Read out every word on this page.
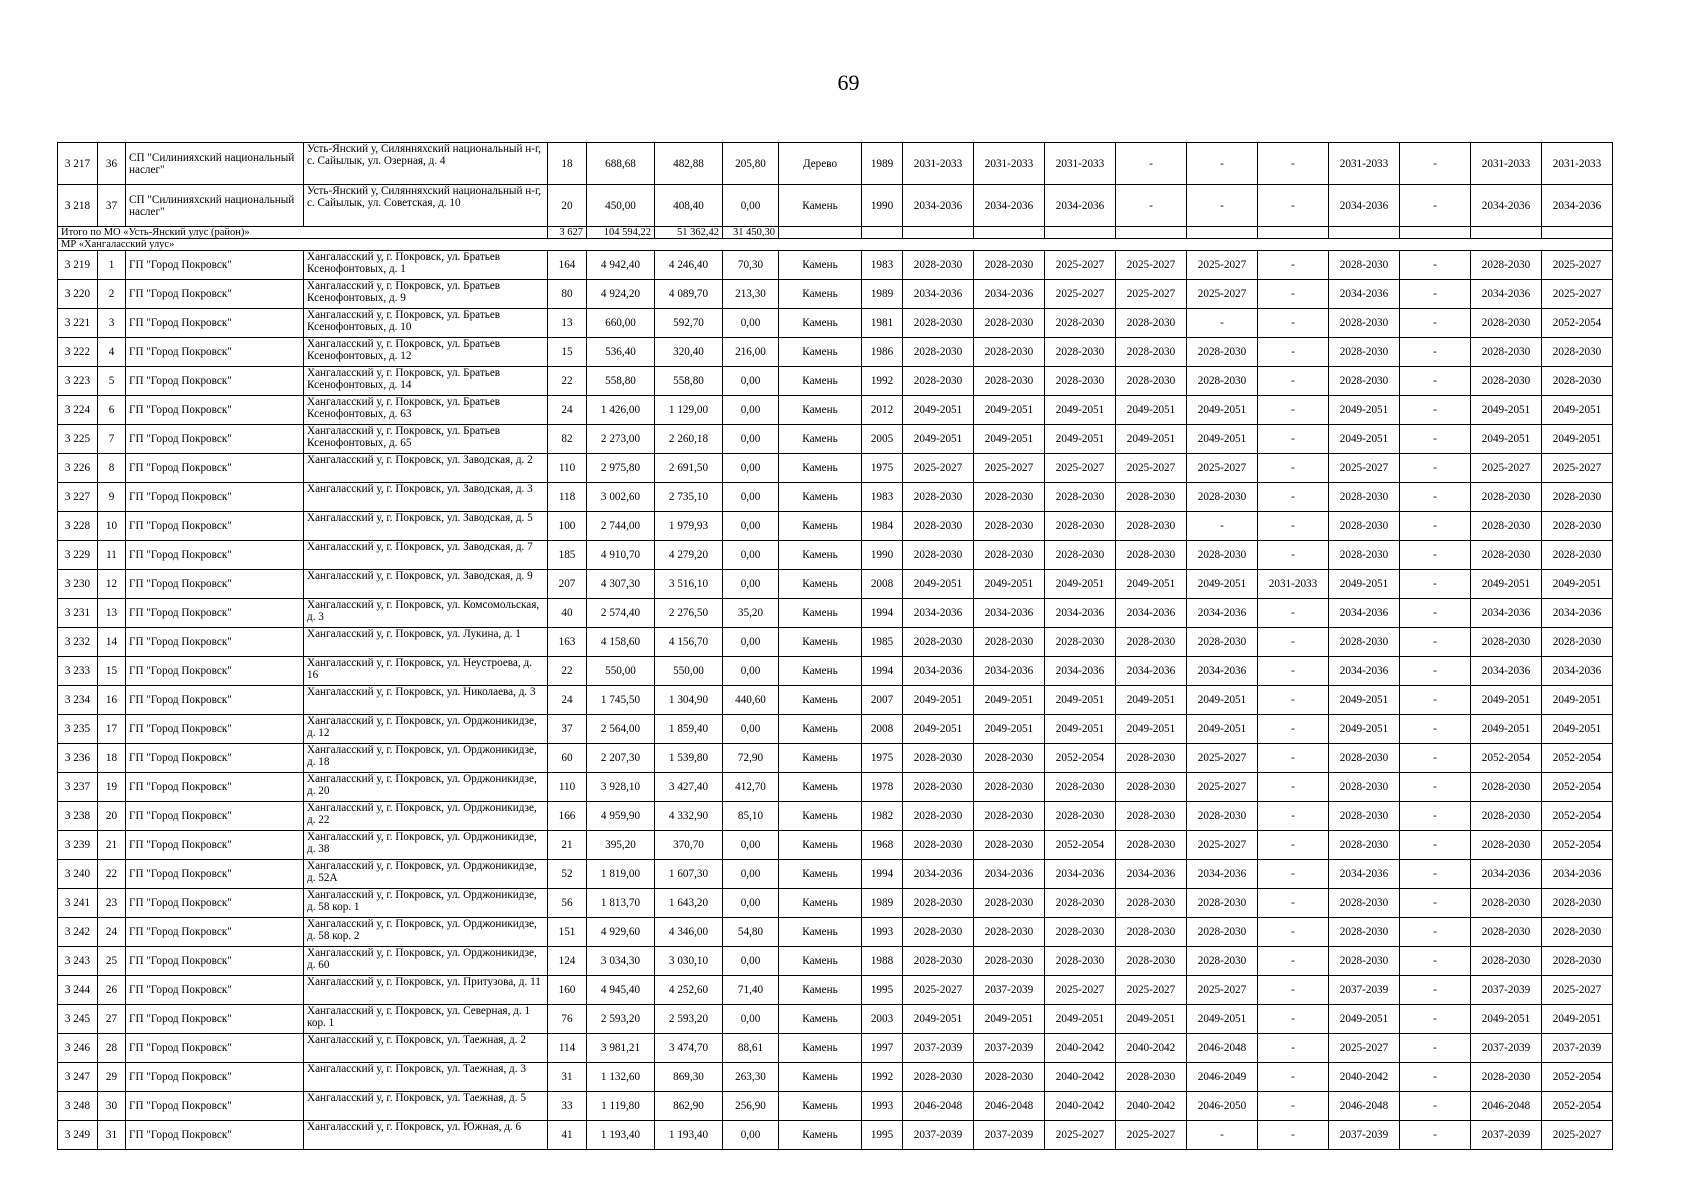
69
3 217	36	СП "Силинияхский национальный наслег"	Усть-Янский у, Силянняхский национальный н-г, с. Сайылык, ул. Озерная, д. 4	18	688,68	482,88	205,80	Дерево	1989	2031-2033	2031-2033	2031-2033	-	-	-	2031-2033	-	2031-2033	2031-2033
3 218	37	СП "Силинияхский национальный наслег"	Усть-Янский у, Силянняхский национальный н-г, с. Сайылык, ул. Советская, д. 10	20	450,00	408,40	0,00	Камень	1990	2034-2036	2034-2036	2034-2036	-	-	-	2034-2036	-	2034-2036	2034-2036
Итого по МО «Усть-Янский улус (район)»				3 627	104 594,22	51 362,42	31 450,30												
МР «Хангаласский улус»																			
3 219	1	ГП "Город Покровск"	Хангаласский у, г. Покровск, ул. Братьев Ксенофонтовых, д. 1	164	4 942,40	4 246,40	70,30	Камень	1983	2028-2030	2028-2030	2025-2027	2025-2027	2025-2027	-	2028-2030	-	2028-2030	2025-2027
3 220	2	ГП "Город Покровск"	Хангаласский у, г. Покровск, ул. Братьев Ксенофонтовых, д. 9	80	4 924,20	4 089,70	213,30	Камень	1989	2034-2036	2034-2036	2025-2027	2025-2027	2025-2027	-	2034-2036	-	2034-2036	2025-2027
3 221	3	ГП "Город Покровск"	Хангаласский у, г. Покровск, ул. Братьев Ксенофонтовых, д. 10	13	660,00	592,70	0,00	Камень	1981	2028-2030	2028-2030	2028-2030	2028-2030	-	-	2028-2030	-	2028-2030	2052-2054
3 222	4	ГП "Город Покровск"	Хангаласский у, г. Покровск, ул. Братьев Ксенофонтовых, д. 12	15	536,40	320,40	216,00	Камень	1986	2028-2030	2028-2030	2028-2030	2028-2030	2028-2030	-	2028-2030	-	2028-2030	2028-2030
3 223	5	ГП "Город Покровск"	Хангаласский у, г. Покровск, ул. Братьев Ксенофонтовых, д. 14	22	558,80	558,80	0,00	Камень	1992	2028-2030	2028-2030	2028-2030	2028-2030	2028-2030	-	2028-2030	-	2028-2030	2028-2030
3 224	6	ГП "Город Покровск"	Хангаласский у, г. Покровск, ул. Братьев Ксенофонтовых, д. 63	24	1 426,00	1 129,00	0,00	Камень	2012	2049-2051	2049-2051	2049-2051	2049-2051	2049-2051	-	2049-2051	-	2049-2051	2049-2051
3 225	7	ГП "Город Покровск"	Хангаласский у, г. Покровск, ул. Братьев Ксенофонтовых, д. 65	82	2 273,00	2 260,18	0,00	Камень	2005	2049-2051	2049-2051	2049-2051	2049-2051	2049-2051	-	2049-2051	-	2049-2051	2049-2051
3 226	8	ГП "Город Покровск"	Хангаласский у, г. Покровск, ул. Заводская, д. 2	110	2 975,80	2 691,50	0,00	Камень	1975	2025-2027	2025-2027	2025-2027	2025-2027	2025-2027	-	2025-2027	-	2025-2027	2025-2027
3 227	9	ГП "Город Покровск"	Хангаласский у, г. Покровск, ул. Заводская, д. 3	118	3 002,60	2 735,10	0,00	Камень	1983	2028-2030	2028-2030	2028-2030	2028-2030	2028-2030	-	2028-2030	-	2028-2030	2028-2030
3 228	10	ГП "Город Покровск"	Хангаласский у, г. Покровск, ул. Заводская, д. 5	100	2 744,00	1 979,93	0,00	Камень	1984	2028-2030	2028-2030	2028-2030	2028-2030	-	-	2028-2030	-	2028-2030	2028-2030
3 229	11	ГП "Город Покровск"	Хангаласский у, г. Покровск, ул. Заводская, д. 7	185	4 910,70	4 279,20	0,00	Камень	1990	2028-2030	2028-2030	2028-2030	2028-2030	2028-2030	-	2028-2030	-	2028-2030	2028-2030
3 230	12	ГП "Город Покровск"	Хангаласский у, г. Покровск, ул. Заводская, д. 9	207	4 307,30	3 516,10	0,00	Камень	2008	2049-2051	2049-2051	2049-2051	2049-2051	2049-2051	2031-2033	2049-2051	-	2049-2051	2049-2051
3 231	13	ГП "Город Покровск"	Хангаласский у, г. Покровск, ул. Комсомольская, д. 3	40	2 574,40	2 276,50	35,20	Камень	1994	2034-2036	2034-2036	2034-2036	2034-2036	2034-2036	-	2034-2036	-	2034-2036	2034-2036
3 232	14	ГП "Город Покровск"	Хангаласский у, г. Покровск, ул. Лукина, д. 1	163	4 158,60	4 156,70	0,00	Камень	1985	2028-2030	2028-2030	2028-2030	2028-2030	2028-2030	-	2028-2030	-	2028-2030	2028-2030
3 233	15	ГП "Город Покровск"	Хангаласский у, г. Покровск, ул. Неустроева, д. 16	22	550,00	550,00	0,00	Камень	1994	2034-2036	2034-2036	2034-2036	2034-2036	2034-2036	-	2034-2036	-	2034-2036	2034-2036
3 234	16	ГП "Город Покровск"	Хангаласский у, г. Покровск, ул. Николаева, д. 3	24	1 745,50	1 304,90	440,60	Камень	2007	2049-2051	2049-2051	2049-2051	2049-2051	2049-2051	-	2049-2051	-	2049-2051	2049-2051
3 235	17	ГП "Город Покровск"	Хангаласский у, г. Покровск, ул. Орджоникидзе, д. 12	37	2 564,00	1 859,40	0,00	Камень	2008	2049-2051	2049-2051	2049-2051	2049-2051	2049-2051	-	2049-2051	-	2049-2051	2049-2051
3 236	18	ГП "Город Покровск"	Хангаласский у, г. Покровск, ул. Орджоникидзе, д. 18	60	2 207,30	1 539,80	72,90	Камень	1975	2028-2030	2028-2030	2052-2054	2028-2030	2025-2027	-	2028-2030	-	2052-2054	2052-2054
3 237	19	ГП "Город Покровск"	Хангаласский у, г. Покровск, ул. Орджоникидзе, д. 20	110	3 928,10	3 427,40	412,70	Камень	1978	2028-2030	2028-2030	2028-2030	2028-2030	2025-2027	-	2028-2030	-	2028-2030	2052-2054
3 238	20	ГП "Город Покровск"	Хангаласский у, г. Покровск, ул. Орджоникидзе, д. 22	166	4 959,90	4 332,90	85,10	Камень	1982	2028-2030	2028-2030	2028-2030	2028-2030	2028-2030	-	2028-2030	-	2028-2030	2052-2054
3 239	21	ГП "Город Покровск"	Хангаласский у, г. Покровск, ул. Орджоникидзе, д. 38	21	395,20	370,70	0,00	Камень	1968	2028-2030	2028-2030	2052-2054	2028-2030	2025-2027	-	2028-2030	-	2028-2030	2052-2054
3 240	22	ГП "Город Покровск"	Хангаласский у, г. Покровск, ул. Орджоникидзе, д. 52А	52	1 819,00	1 607,30	0,00	Камень	1994	2034-2036	2034-2036	2034-2036	2034-2036	2034-2036	-	2034-2036	-	2034-2036	2034-2036
3 241	23	ГП "Город Покровск"	Хангаласский у, г. Покровск, ул. Орджоникидзе, д. 58 кор. 1	56	1 813,70	1 643,20	0,00	Камень	1989	2028-2030	2028-2030	2028-2030	2028-2030	2028-2030	-	2028-2030	-	2028-2030	2028-2030
3 242	24	ГП "Город Покровск"	Хангаласский у, г. Покровск, ул. Орджоникидзе, д. 58 кор. 2	151	4 929,60	4 346,00	54,80	Камень	1993	2028-2030	2028-2030	2028-2030	2028-2030	2028-2030	-	2028-2030	-	2028-2030	2028-2030
3 243	25	ГП "Город Покровск"	Хангаласский у, г. Покровск, ул. Орджоникидзе, д. 60	124	3 034,30	3 030,10	0,00	Камень	1988	2028-2030	2028-2030	2028-2030	2028-2030	2028-2030	-	2028-2030	-	2028-2030	2028-2030
3 244	26	ГП "Город Покровск"	Хангаласский у, г. Покровск, ул. Притузова, д. 11	160	4 945,40	4 252,60	71,40	Камень	1995	2025-2027	2037-2039	2025-2027	2025-2027	2025-2027	-	2037-2039	-	2037-2039	2025-2027
3 245	27	ГП "Город Покровск"	Хангаласский у, г. Покровск, ул. Северная, д. 1 кор. 1	76	2 593,20	2 593,20	0,00	Камень	2003	2049-2051	2049-2051	2049-2051	2049-2051	2049-2051	-	2049-2051	-	2049-2051	2049-2051
3 246	28	ГП "Город Покровск"	Хангаласский у, г. Покровск, ул. Таежная, д. 2	114	3 981,21	3 474,70	88,61	Камень	1997	2037-2039	2037-2039	2040-2042	2040-2042	2046-2048	-	2025-2027	-	2037-2039	2037-2039
3 247	29	ГП "Город Покровск"	Хангаласский у, г. Покровск, ул. Таежная, д. 3	31	1 132,60	869,30	263,30	Камень	1992	2028-2030	2028-2030	2040-2042	2028-2030	2046-2049	-	2040-2042	-	2028-2030	2052-2054
3 248	30	ГП "Город Покровск"	Хангаласский у, г. Покровск, ул. Таежная, д. 5	33	1 119,80	862,90	256,90	Камень	1993	2046-2048	2046-2048	2040-2042	2040-2042	2046-2050	-	2046-2048	-	2046-2048	2052-2054
3 249	31	ГП "Город Покровск"	Хангаласский у, г. Покровск, ул. Южная, д. 6	41	1 193,40	1 193,40	0,00	Камень	1995	2037-2039	2037-2039	2025-2027	2025-2027	-	-	2037-2039	-	2037-2039	2025-2027
